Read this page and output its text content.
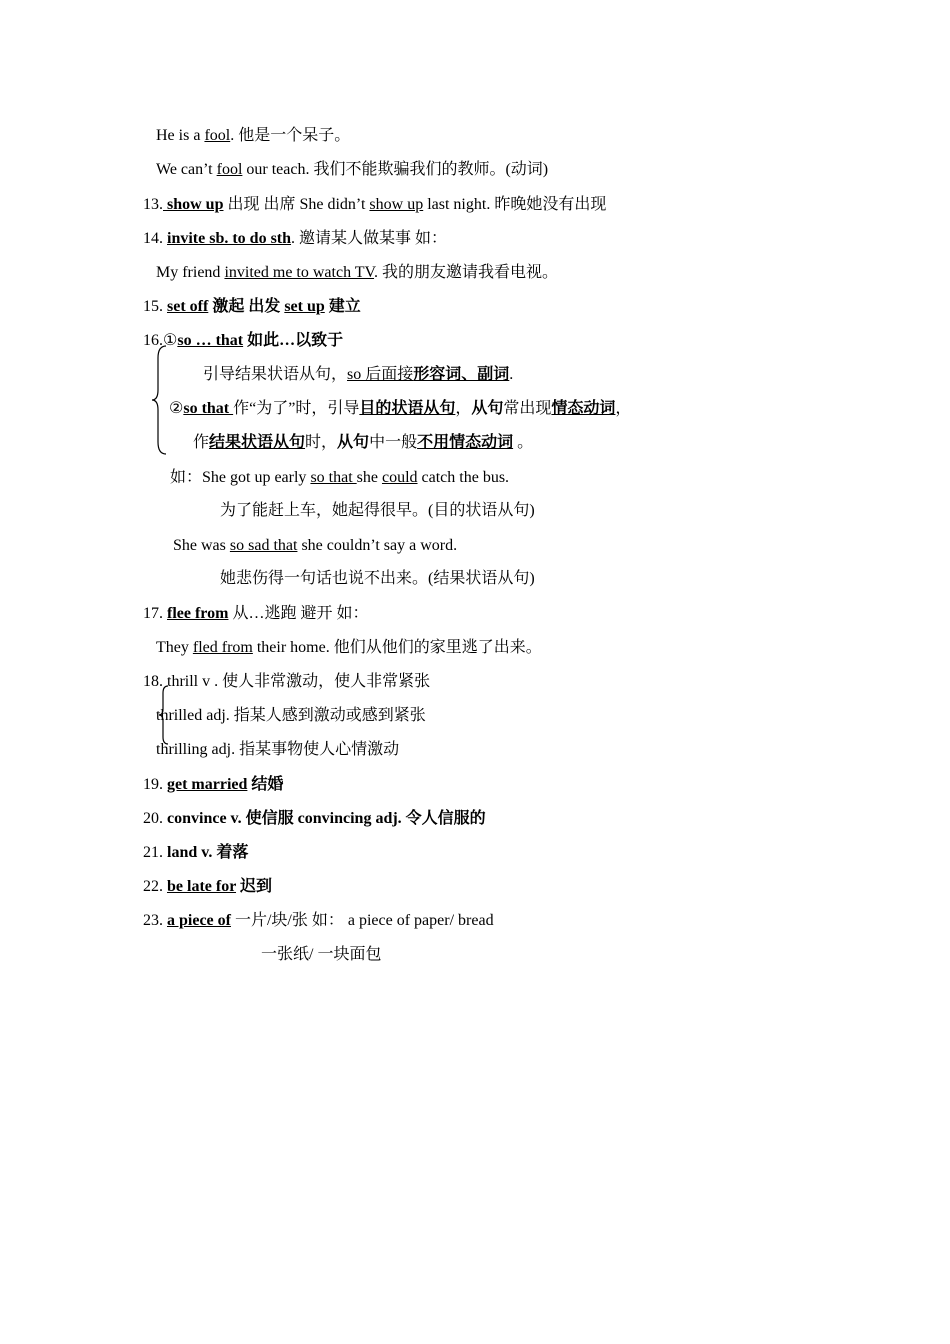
He is a fool. 他是一个呆子。
We can’t fool our teach. 我们不能欺骗我们的教师。(动词)
13. show up 出现 出席 She didn’t show up last night. 昨晚她没有出现
14. invite sb. to do sth. 邀请某人做某事 如：
My friend invited me to watch TV. 我的朋友邀请我看电视。
15. set off 激起 出发 set up 建立
16.①so … that 如此…以致于
引导结果状语从句，so 后面接形容词、副词.
②so that 作“为了”时，引导目的状语从句，从句常出现情态动词，
作结果状语从句时，从句中一般不用情态动词 。
如：She got up early so that she could catch the bus.
为了能赶上车，她起得很早。(目的状语从句)
She was so sad that she couldn’t say a word.
她悲伤得一句话也说不出来。(结果状语从句)
17. flee from 从…逃跑 避开 如：
They fled from their home. 他们从他们的家里逃了出来。
18. thrill v . 使人非常激动，使人非常紧张
thrilled adj. 指某人感到激动或感到紧张
thrilling adj. 指某事物使人心情激动
19. get married 结婚
20. convince v. 使信服 convincing adj. 令人信服的
21. land v. 着落
22. be late for 迟到
23. a piece of 一片/块/张 如： a piece of paper/ bread
一张纸/ 一块面包
